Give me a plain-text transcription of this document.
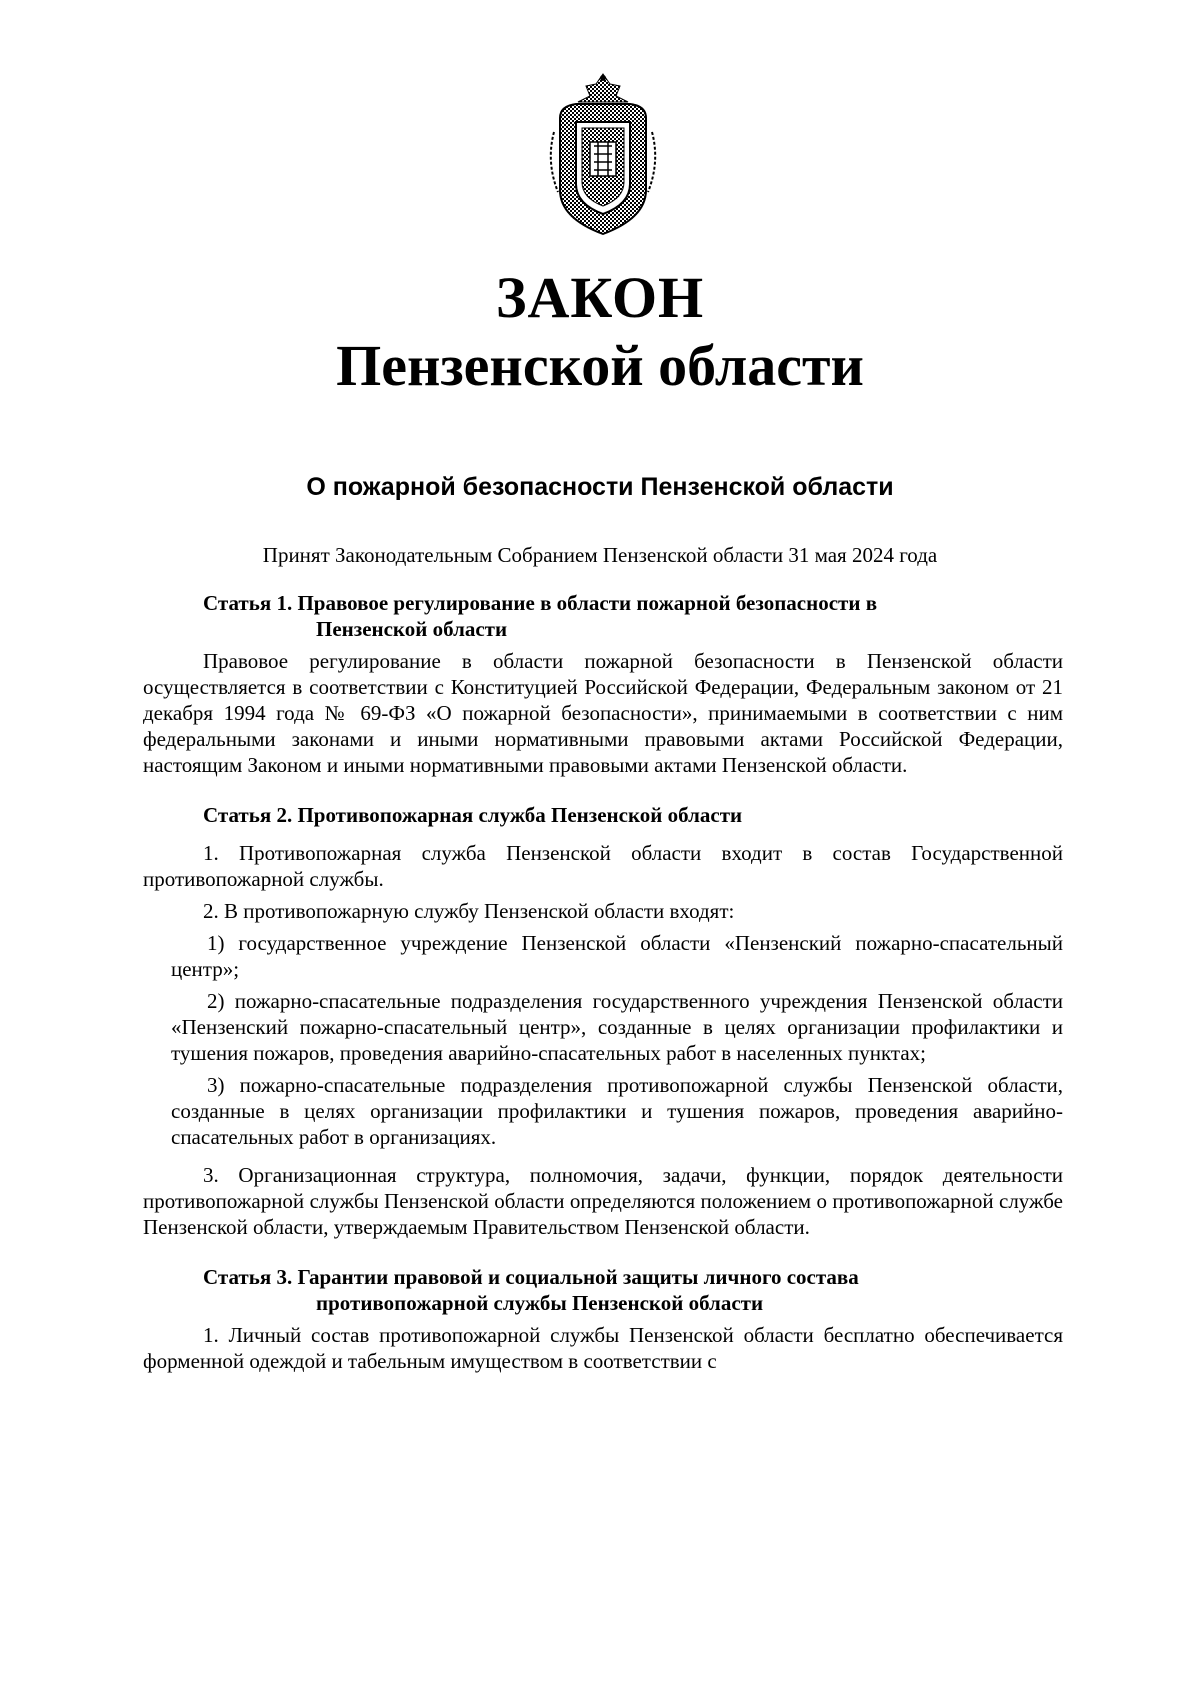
ЗАКОН
Пензенской области
О пожарной безопасности Пензенской области
Принят Законодательным Собранием Пензенской области 31 мая 2024 года

Статья 1. Правовое регулирование в области пожарной безопасности в
Пензенской области

Правовое регулирование в области пожарной безопасности в Пензенской области осуществляется в соответствии с Конституцией Российской Федерации, Федеральным законом от 21 декабря 1994 года № 69-ФЗ «О пожарной безопасности», принимаемыми в соответствии с ним федеральными законами и иными нормативными правовыми актами Российской Федерации, настоящим Законом и иными нормативными правовыми актами Пензенской области.

Статья 2. Противопожарная служба Пензенской области

1. Противопожарная служба Пензенской области входит в состав Государственной противопожарной службы.

2. В противопожарную службу Пензенской области входят:

1) государственное учреждение Пензенской области «Пензенский пожарно-спасательный центр»;

2) пожарно-спасательные подразделения государственного учреждения Пензенской области «Пензенский пожарно-спасательный центр», созданные в целях организации профилактики и тушения пожаров, проведения аварийно-спасательных работ в населенных пунктах;

3) пожарно-спасательные подразделения противопожарной службы Пензенской области, созданные в целях организации профилактики и тушения пожаров, проведения аварийно-спасательных работ в организациях.

3. Организационная структура, полномочия, задачи, функции, порядок деятельности противопожарной службы Пензенской области определяются положением о противопожарной службе Пензенской области, утверждаемым Правительством Пензенской области.

Статья 3. Гарантии правовой и социальной защиты личного состава
противопожарной службы Пензенской области

1. Личный состав противопожарной службы Пензенской области бесплатно обеспечивается форменной одеждой и табельным имуществом в соответствии с
